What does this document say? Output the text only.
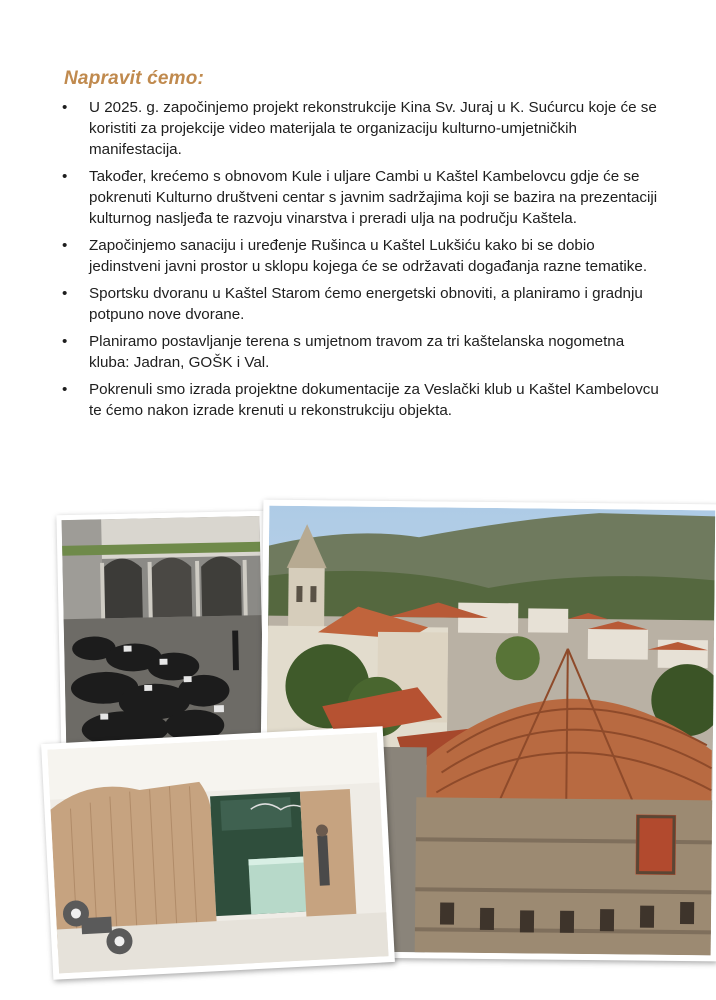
Napravit ćemo:
• U 2025. g. započinjemo projekt rekonstrukcije Kina Sv. Juraj u K. Sućurcu koje će se koristiti za projekcije video materijala te organizaciju kulturno-umjetničkih manifestacija.
• Također, krećemo s obnovom Kule i uljare Cambi u Kaštel Kambelovcu gdje će se pokrenuti Kulturno društveni centar s javnim sadržajima koji se bazira na prezentaciji kulturnog nasljeđa te razvoju vinarstva i preradi ulja na području Kaštela.
• Započinjemo sanaciju i uređenje Rušinca u Kaštel Lukšiću kako bi se dobio jedinstveni javni prostor u sklopu kojega će se održavati događanja razne tematike.
• Sportsku dvoranu u Kaštel Starom ćemo energetski obnoviti, a planiramo i gradnju potpuno nove dvorane.
• Planiramo postavljanje terena s umjetnom travom za tri kaštelanska nogometna kluba: Jadran, GOŠK i Val.
• Pokrenuli smo izrada projektne dokumentacije za Veslački klub u Kaštel Kambelovcu te ćemo nakon izrade krenuti u rekonstrukciju objekta.
